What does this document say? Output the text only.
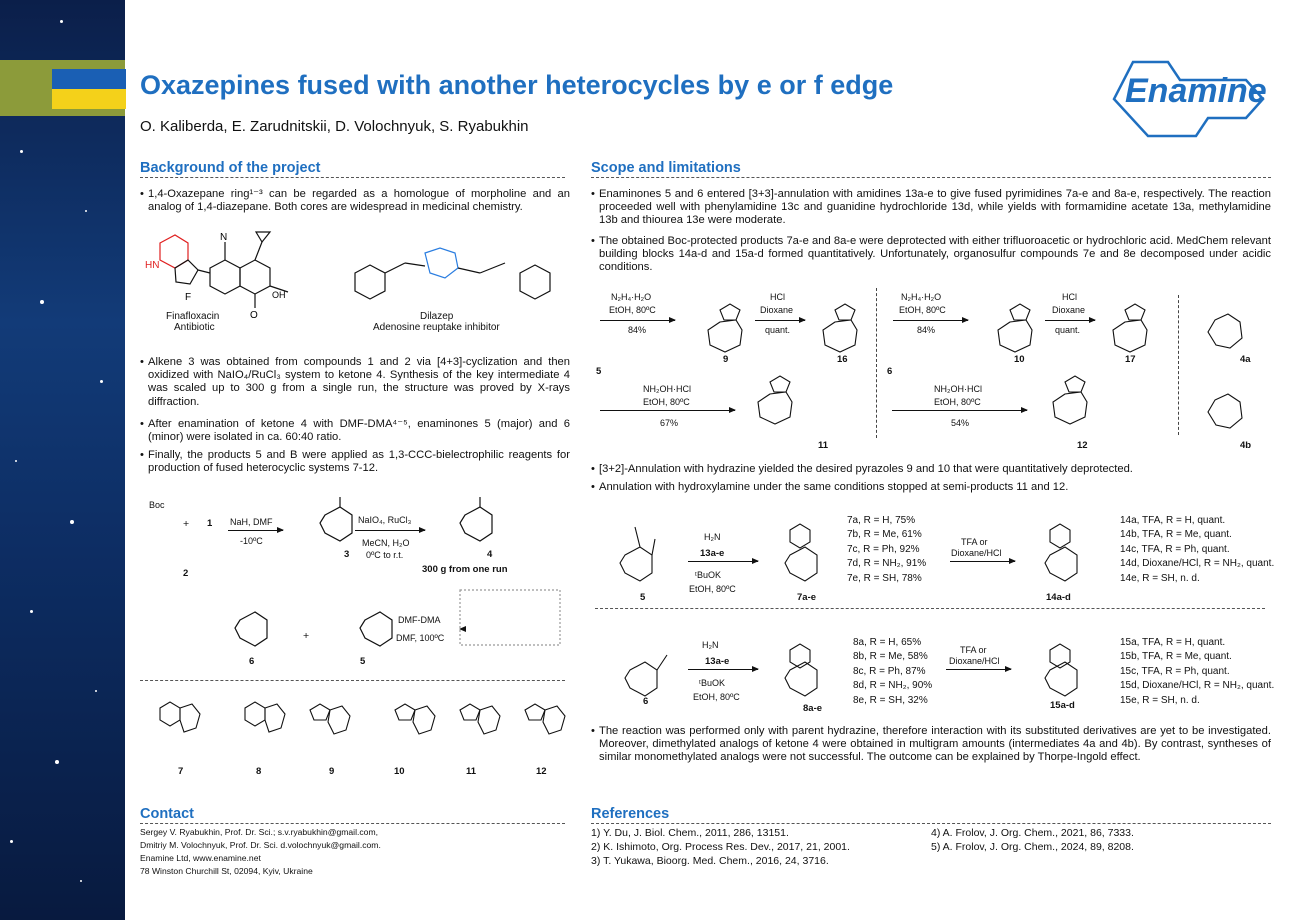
Oxazepines fused with another heterocycles by e or f edge
O. Kaliberda, E. Zarudnitskii, D. Volochnyuk, S. Ryabukhin
Enamine
Background of the project
• 1,4-Oxazepane ring¹⁻³ can be regarded as a homologue of morpholine and an analog of 1,4-diazepane. Both cores are widespread in medicinal chemistry.
HN
F
N
OH
O
Finafloxacin
Antibiotic
Dilazep
Adenosine reuptake inhibitor
• Alkene 3 was obtained from compounds 1 and 2 via [4+3]-cyclization and then oxidized with NaIO₄/RuCl₃ system to ketone 4. Synthesis of the key intermediate 4 was scaled up to 300 g from a single run, the structure was proved by X-rays diffraction.
• After enamination of ketone 4 with DMF-DMA⁴⁻⁵, enaminones 5 (major) and 6 (minor) were isolated in ca. 60:40 ratio.
• Finally, the products 5 and B were applied as 1,3-CCC-bielectrophilic reagents for production of fused heterocyclic systems 7-12.
Boc
1
+
2
NaH, DMF
-10ºC
3
NaIO₄, RuCl₃
MeCN, H₂O
0ºC to r.t.	4
300 g from one run
DMF-DMA
DMF, 100ºC
6
+
5
7	8	9	10	11	12
Contact
Sergey V. Ryabukhin, Prof. Dr. Sci.; s.v.ryabukhin@gmail.com,
Dmitriy M. Volochnyuk, Prof. Dr. Sci. d.volochnyuk@gmail.com.
Enamine Ltd, www.enamine.net
78 Winston Churchill St, 02094, Kyiv, Ukraine
Scope and limitations
• Enaminones 5 and 6 entered [3+3]-annulation with amidines 13a-e to give fused pyrimidines 7a-e and 8a-e, respectively. The reaction proceeded well with phenylamidine 13c and guanidine hydrochloride 13d, while yields with formamidine acetate 13a, methylamidine 13b and thiourea 13e were moderate.
• The obtained Boc-protected products 7a-e and 8a-e were deprotected with either trifluoroacetic or hydrochloric acid. MedChem relevant building blocks 14a-d and 15a-d formed quantitatively. Unfortunately, organosulfur compounds 7e and 8e decomposed under acidic conditions.
N₂H₄·H₂O
EtOH, 80ºC
84%
HCl
Dioxane
quant.
5
9	16
NH₂OH·HCl
EtOH, 80ºC
67%
11
N₂H₄·H₂O
EtOH, 80ºC
84%
HCl
Dioxane
quant.
6
10	17
NH₂OH·HCl
EtOH, 80ºC
54%
12
4a
4b
• [3+2]-Annulation with hydrazine yielded the desired pyrazoles 9 and 10 that were quantitatively deprotected.
• Annulation with hydroxylamine under the same conditions stopped at semi-products 11 and 12.
H₂N
13a-e
ᵗBuOK
EtOH, 80ºC
5	7a-e
7a, R = H, 75%
7b, R = Me, 61%
7c, R = Ph, 92%
7d, R = NH₂, 91%
7e, R = SH, 78%
TFA or
Dioxane/HCl
14a-d
14a, TFA, R = H, quant.
14b, TFA, R = Me, quant.
14c, TFA, R = Ph, quant.
14d, Dioxane/HCl, R = NH₂, quant.
14e, R = SH, n. d.
H₂N
13a-e
ᵗBuOK
EtOH, 80ºC
6
8a-e
8a, R = H, 65%
8b, R = Me, 58%
8c, R = Ph, 87%
8d, R = NH₂, 90%
8e, R = SH, 32%
TFA or
Dioxane/HCl
15a-d
15a, TFA, R = H, quant.
15b, TFA, R = Me, quant.
15c, TFA, R = Ph, quant.
15d, Dioxane/HCl, R = NH₂, quant.
15e, R = SH, n. d.
• The reaction was performed only with parent hydrazine, therefore interaction with its substituted derivatives are yet to be investigated. Moreover, dimethylated analogs of ketone 4 were obtained in multigram amounts (intermediates 4a and 4b). By contrast, syntheses of similar monomethylated analogs were not successful. The outcome can be explained by Thorpe-Ingold effect.
References
1) Y. Du, J. Biol. Chem., 2011, 286, 13151.
2) K. Ishimoto, Org. Process Res. Dev., 2017, 21, 2001.
3) T. Yukawa, Bioorg. Med. Chem., 2016, 24, 3716.
4) A. Frolov, J. Org. Chem., 2021, 86, 7333.
5) A. Frolov, J. Org. Chem., 2024, 89, 8208.
